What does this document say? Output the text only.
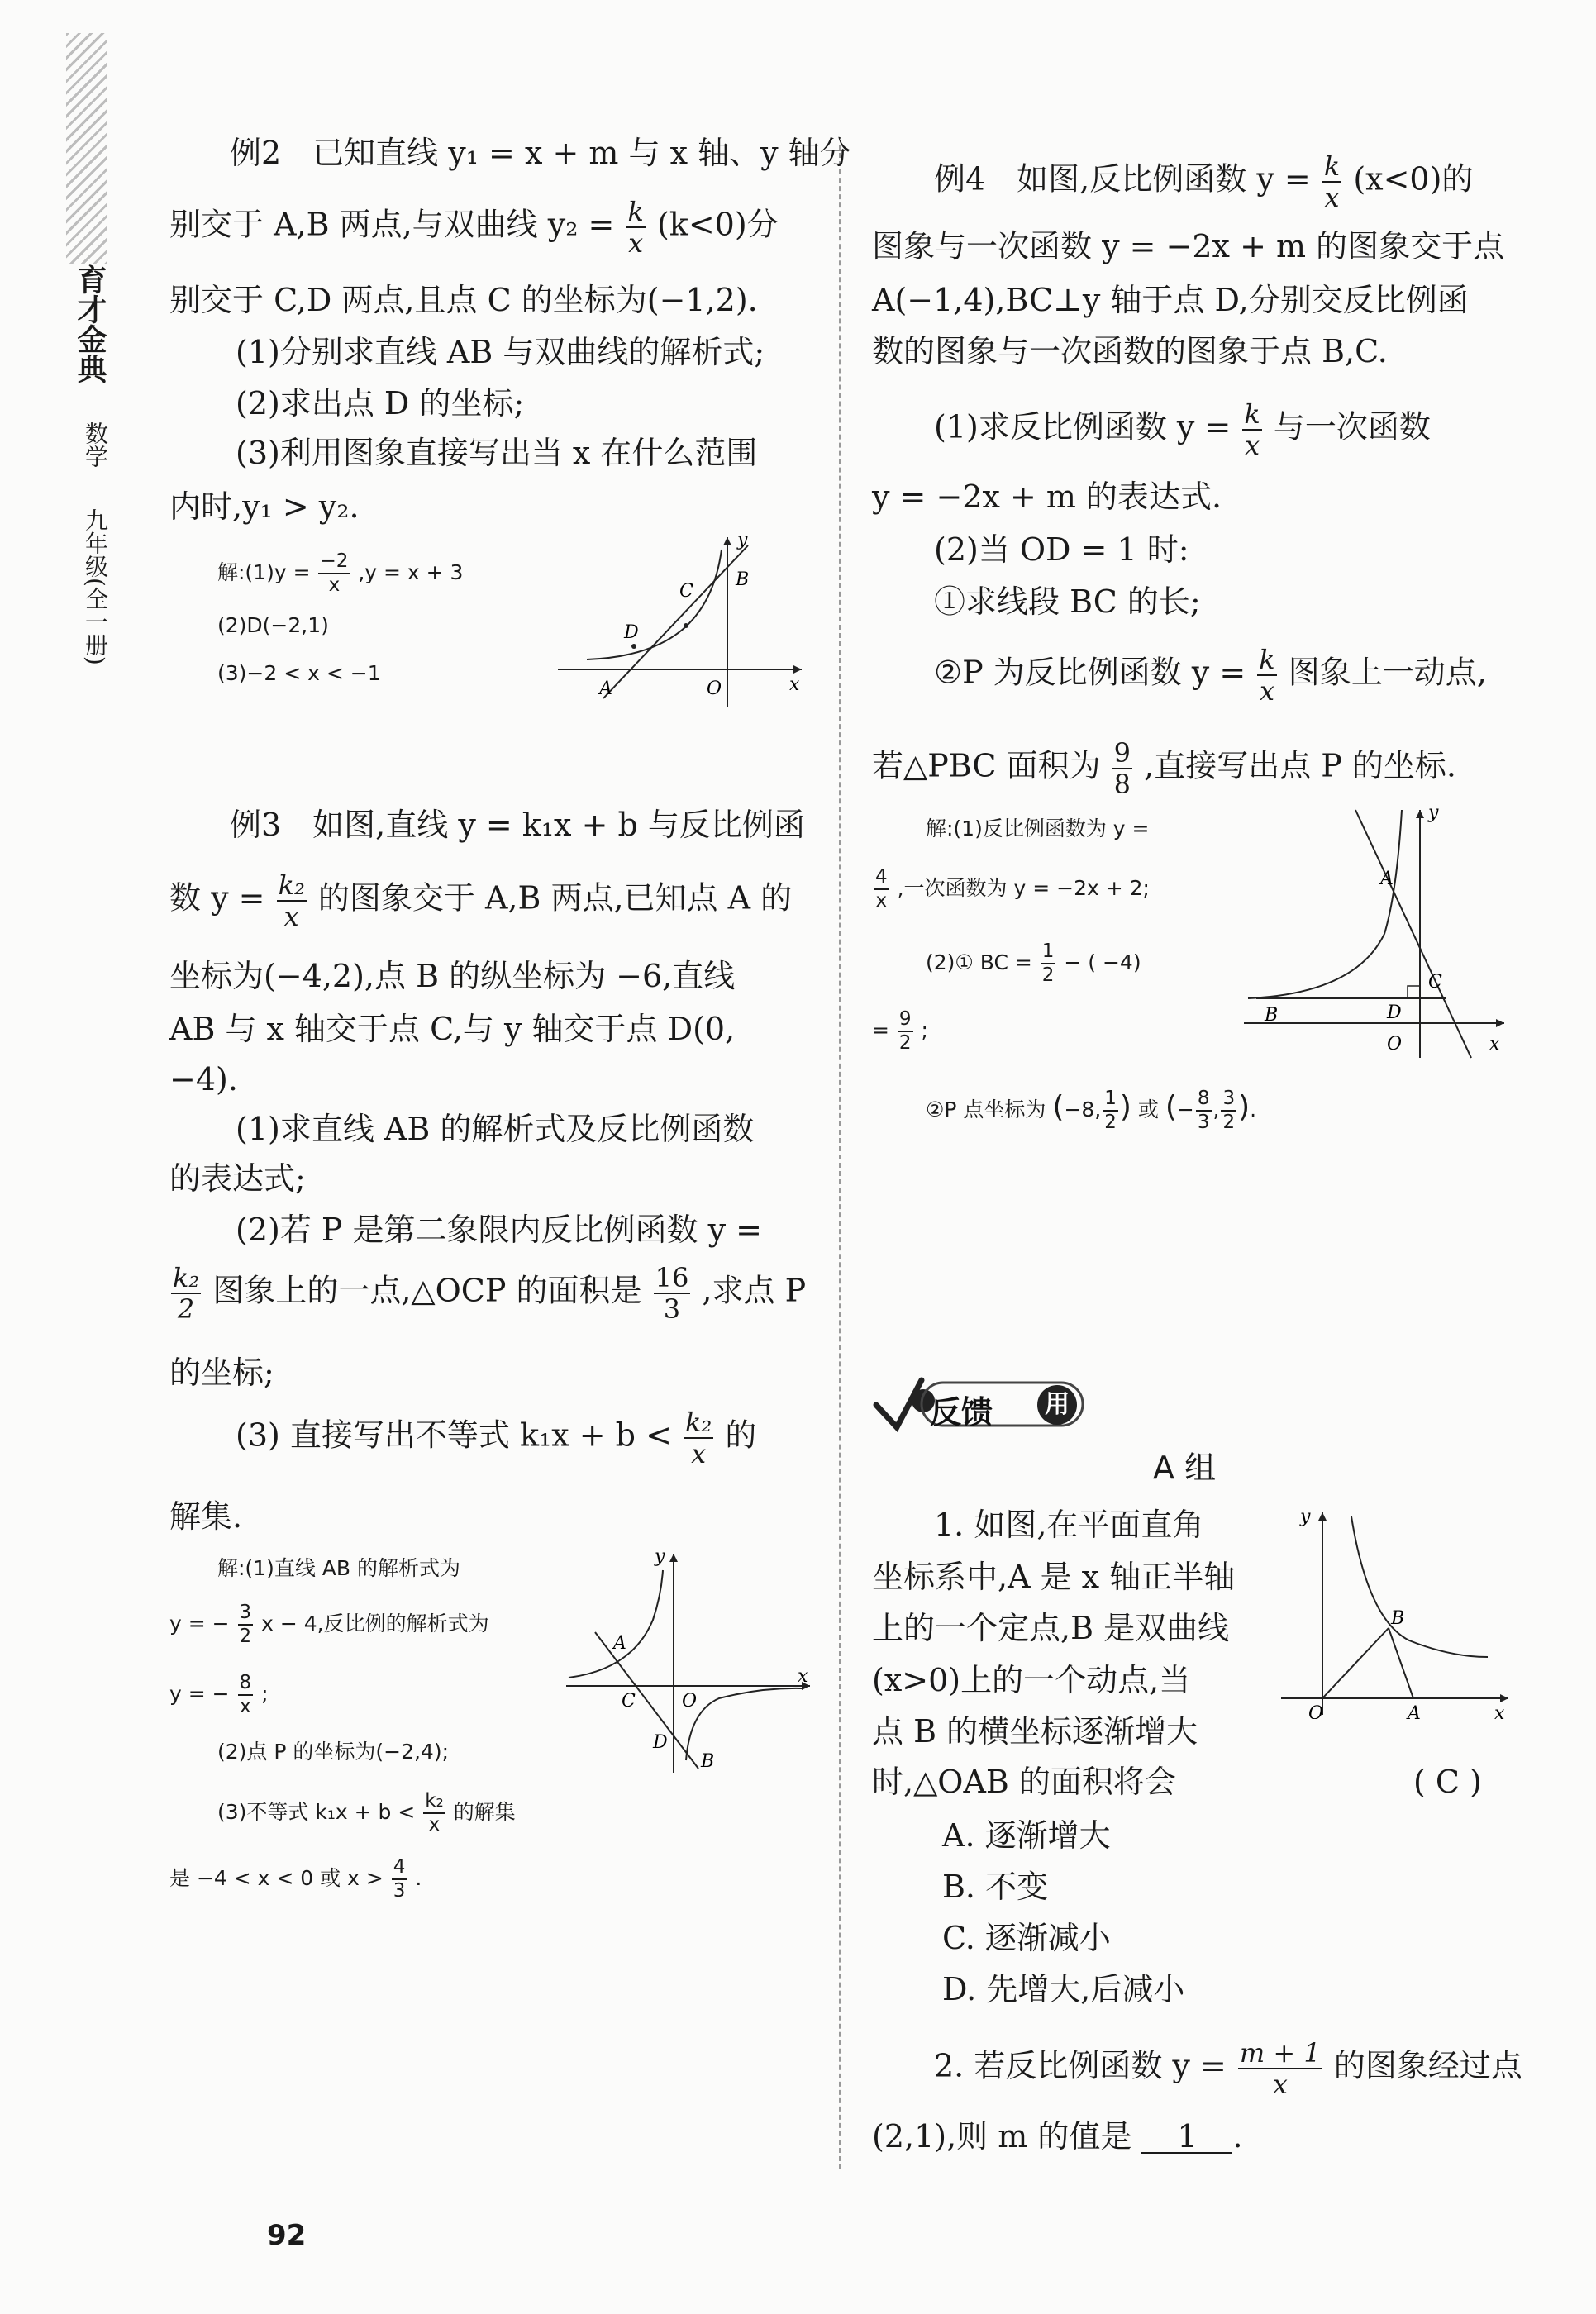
育才金典
数学
九年级(全一册)
例2　已知直线 y₁ = x + m 与 x 轴、y 轴分
别交于 A,B 两点,与双曲线 $y_2 = \frac{k}{x} (k<0)$分
别交于 C,D 两点,且点 C 的坐标为(−1,2).
(1)分别求直线 AB 与双曲线的解析式;
(2)求出点 D 的坐标;
(3)利用图象直接写出当 x 在什么范围
内时,y₁ > y₂.
解:(1)y = $\frac{-2}{x} ,y = x + 3$
(2)D(−2,1)
(3)−2 < x < −1
y
x
O
A
B
C
D
例3　如图,直线 y = k₁x + b 与反比例函
数 $y = \frac{\text{k₂}}{x}$ 的图象交于 A,B 两点,已知点 A 的
坐标为(−4,2),点 B 的纵坐标为 −6,直线
AB 与 x 轴交于点 C,与 y 轴交于点 D(0,
−4).
(1)求直线 AB 的解析式及反比例函数
的表达式;
(2)若 P 是第二象限内反比例函数 y =
$\frac{\text{k₂}}{2}$ 图象上的一点,△OCP 的面积是 $\frac{16}{3}$ ,求点 P
的坐标;
(3) 直接写出不等式 $k_1x + b < \frac{\text{k₂}}{x}$ 的
解集.
解:(1)直线 AB 的解析式为
y = − $\frac{3}{2}$ x − 4,反比例的解析式为
y = − $\frac{8}{x}$ ;
(2)点 P 的坐标为(−2,4);
(3)不等式 $k_1x + b < \frac{\text{k₂}}{x}$ 的解集
是 −4 < x < 0 或 $x > \frac{4}{3}$ .
y
x
O
A
B
C
D
例4　如图,反比例函数 $y = \frac{k}{x} (x<0)$的
图象与一次函数 y = −2x + m 的图象交于点
A(−1,4),BC⊥y 轴于点 D,分别交反比例函
数的图象与一次函数的图象于点 B,C.
(1)求反比例函数 $y = \frac{k}{x}$ 与一次函数
y = −2x + m 的表达式.
(2)当 OD = 1 时:
①求线段 BC 的长;
②P 为反比例函数 $y = \frac{k}{x}$ 图象上一动点,
若△PBC 面积为 $\frac{9}{8}$ ,直接写出点 P 的坐标.
解:(1)反比例函数为 y =
$\frac{4}{x}$ ,一次函数为 y = −2x + 2;
(2)① BC = $\frac{1}{2}$ − ( −4)
= $\frac{9}{2}$ ;
②P 点坐标为 (−8, $\frac{1}{2}$ ) 或 (− $\frac{8}{3}$ , $\frac{3}{2}$ ).
y
x
O
A
B
C
D
反馈	用
A 组
1. 如图,在平面直角
坐标系中,A 是 x 轴正半轴
上的一个定点,B 是双曲线
(x>0)上的一个动点,当
点 B 的横坐标逐渐增大
时,△OAB 的面积将会	( C )
A. 逐渐增大
B. 不变
C. 逐渐减小
D. 先增大,后减小
y
x
O	A
B
2. 若反比例函数 $y = \frac{m + 1}{x}$ 的图象经过点
(2,1),则 m 的值是 1 .
92
